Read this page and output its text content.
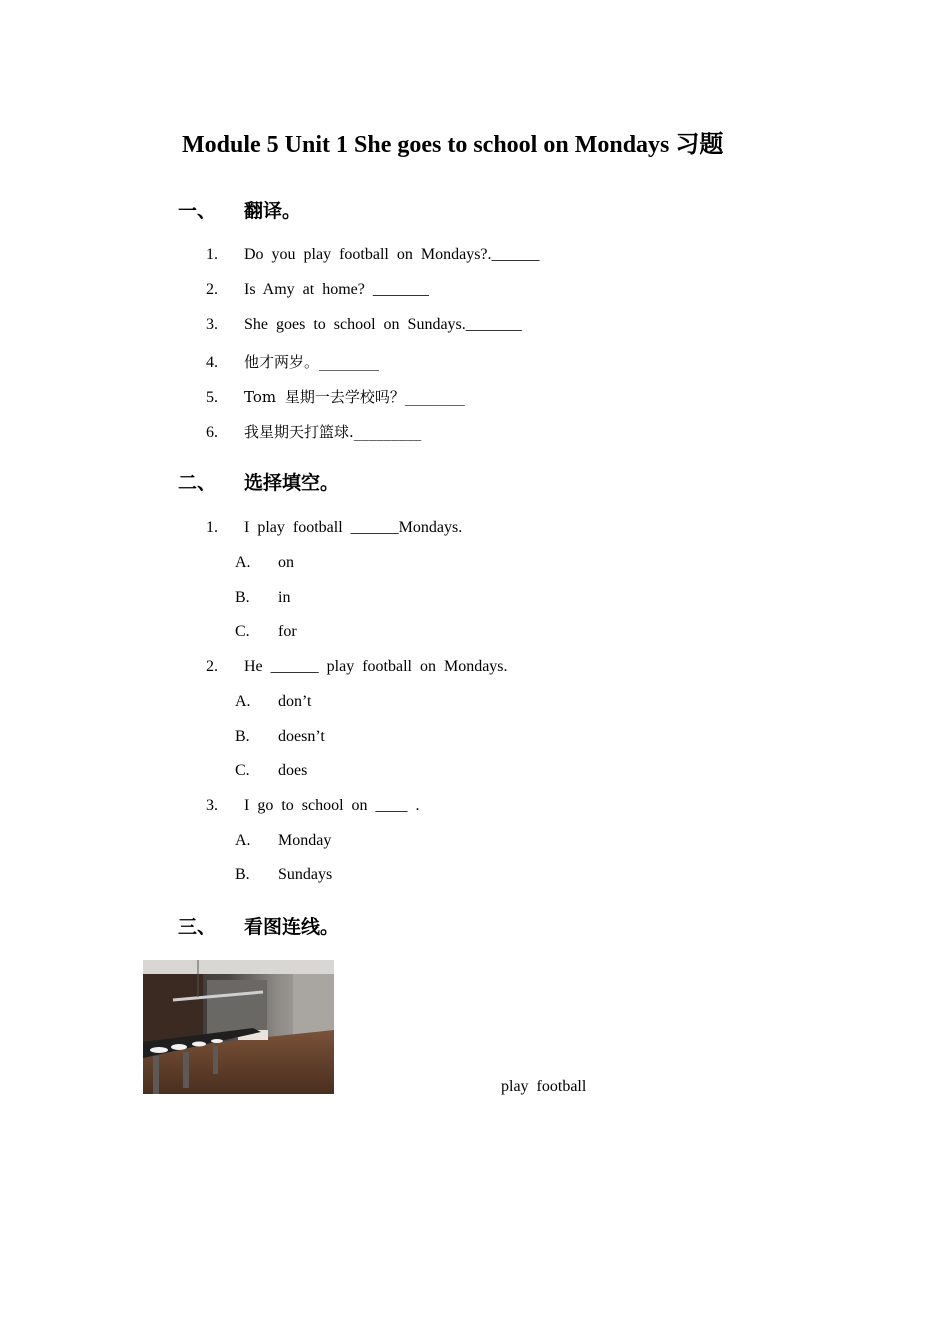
Module 5 Unit 1 She goes to school on Mondays 习题
一、 翻译。
1. Do you play football on Mondays?.______
2. Is Amy at home? _______
3. She goes to school on Sundays._______
4. 他才两岁。________
5. Tom 星期一去学校吗？________
6. 我星期天打篮球._________
二、 选择填空。
1. I play football ______Mondays.
A. on
B. in
C. for
2. He ______ play football on Mondays.
A. don’t
B. doesn’t
C. does
3. I go to school on ____ .
A. Monday
B. Sundays
三、 看图连线。
play football
